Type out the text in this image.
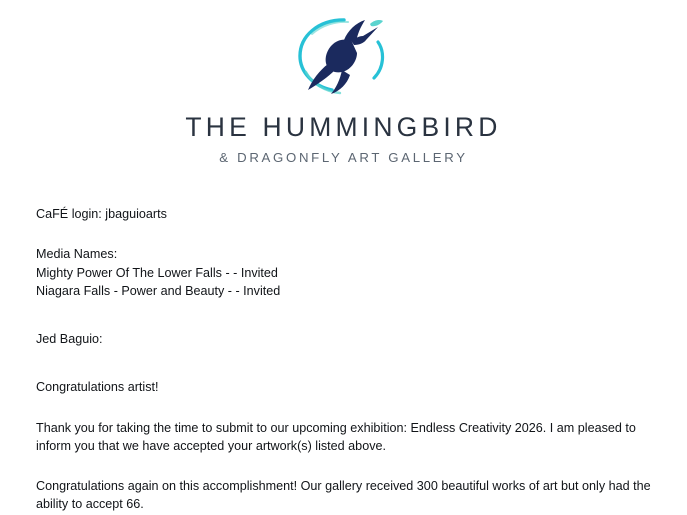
THE HUMMINGBIRD
& DRAGONFLY ART GALLERY

CaFÉ login: jbaguioarts

Media Names:

Mighty Power Of The Lower Falls - - Invited

Niagara Falls - Power and Beauty - - Invited

Jed Baguio:

Congratulations artist!

Thank you for taking the time to submit to our upcoming exhibition: Endless Creativity 2026. I am pleased to inform you that we have accepted your artwork(s) listed above.

Congratulations again on this accomplishment! Our gallery received 300 beautiful works of art but only had the ability to accept 66.
